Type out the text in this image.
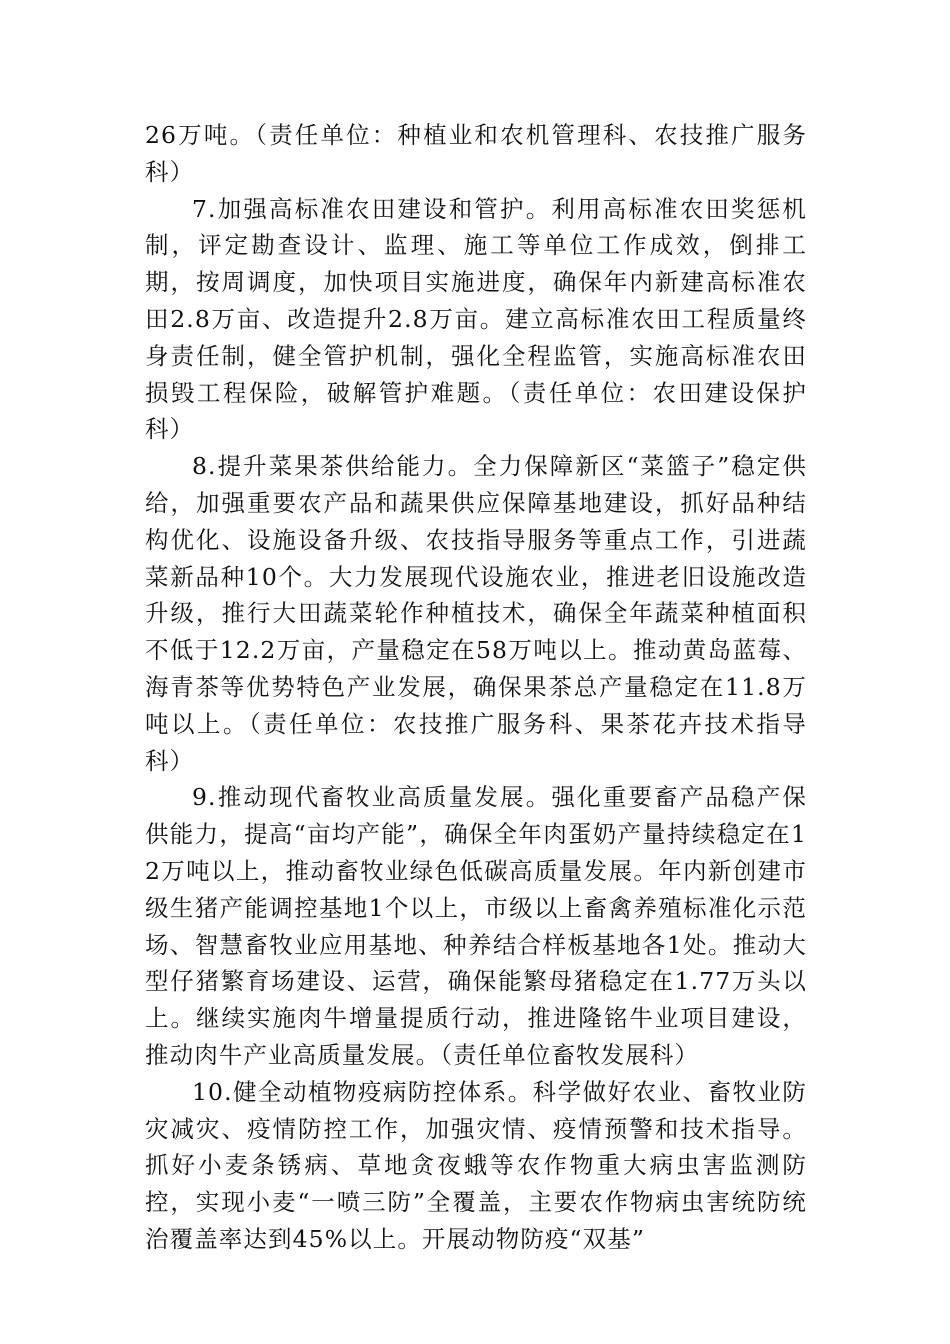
26万吨。（责任单位：种植业和农机管理科、农技推广服务科）

7.加强高标准农田建设和管护。利用高标准农田奖惩机制，评定勘查设计、监理、施工等单位工作成效，倒排工期，按周调度，加快项目实施进度，确保年内新建高标准农田2.8万亩、改造提升2.8万亩。建立高标准农田工程质量终身责任制，健全管护机制，强化全程监管，实施高标准农田损毁工程保险，破解管护难题。（责任单位：农田建设保护科）

8.提升菜果茶供给能力。全力保障新区“菜篮子”稳定供给，加强重要农产品和蔬果供应保障基地建设，抓好品种结构优化、设施设备升级、农技指导服务等重点工作，引进蔬菜新品种10个。大力发展现代设施农业，推进老旧设施改造升级，推行大田蔬菜轮作种植技术，确保全年蔬菜种植面积不低于12.2万亩，产量稳定在58万吨以上。推动黄岛蓝莓、海青茶等优势特色产业发展，确保果茶总产量稳定在11.8万吨以上。（责任单位：农技推广服务科、果茶花卉技术指导科）

9.推动现代畜牧业高质量发展。强化重要畜产品稳产保供能力，提高“亩均产能”，确保全年肉蛋奶产量持续稳定在12万吨以上，推动畜牧业绿色低碳高质量发展。年内新创建市级生猪产能调控基地1个以上，市级以上畜禽养殖标准化示范场、智慧畜牧业应用基地、种养结合样板基地各1处。推动大型仔猪繁育场建设、运营，确保能繁母猪稳定在1.77万头以上。继续实施肉牛增量提质行动，推进隆铭牛业项目建设，推动肉牛产业高质量发展。（责任单位畜牧发展科）

10.健全动植物疫病防控体系。科学做好农业、畜牧业防灾减灾、疫情防控工作，加强灾情、疫情预警和技术指导。抓好小麦条锈病、草地贪夜蛾等农作物重大病虫害监测防控，实现小麦“一喷三防”全覆盖，主要农作物病虫害统防统治覆盖率达到45%以上。开展动物防疫“双基”
